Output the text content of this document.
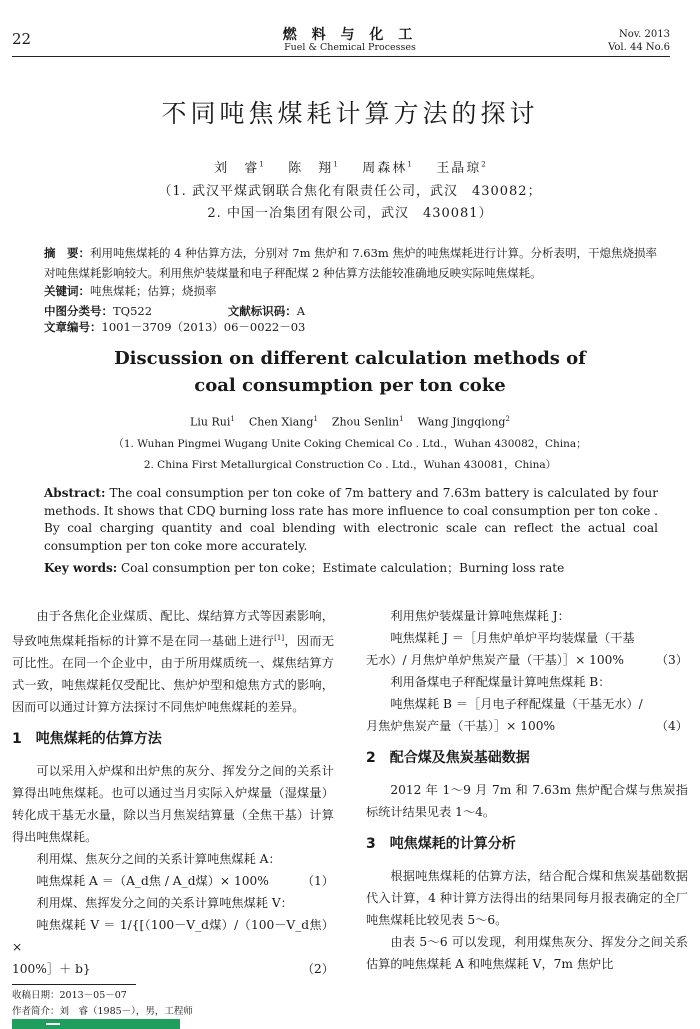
22	燃 料 与 化 工
Fuel & Chemical Processes
Nov. 2013
Vol. 44 No.6
不同吨焦煤耗计算方法的探讨
刘　睿$^1$ 陈　翔$^1$ 周森林$^1$ 王晶琼$^2$
（1. 武汉平煤武钢联合焦化有限责任公司，武汉　430082；
2. 中国一冶集团有限公司，武汉　430081）
摘　要：利用吨焦煤耗的 4 种估算方法，分别对 7m 焦炉和 7.63m 焦炉的吨焦煤耗进行计算。分析表明，干熄焦烧损率对吨焦煤耗影响较大。利用焦炉装煤量和电子秤配煤 2 种估算方法能较准确地反映实际吨焦煤耗。
关键词：吨焦煤耗；估算；烧损率
中图分类号：TQ522	文献标识码：A 文章编号：1001－3709（2013）06－0022－03
Discussion on different calculation methods of
coal consumption per ton coke
Liu Rui$^1$ Chen Xiang$^1$ Zhou Senlin$^1$ Wang Jingqiong$^2$
（1. Wuhan Pingmei Wugang Unite Coking Chemical Co . Ltd.，Wuhan 430082，China；
2. China First Metallurgical Construction Co . Ltd.，Wuhan 430081，China）
Abstract: The coal consumption per ton coke of 7m battery and 7.63m battery is calculated by four methods. It shows that CDQ burning loss rate has more influence to coal consumption per ton coke . By coal charging quantity and coal blending with electronic scale can reflect the actual coal consumption per ton coke more accurately.
Key words: Coal consumption per ton coke；Estimate calculation；Burning loss rate

由于各焦化企业煤质、配比、煤结算方式等因素影响，导致吨焦煤耗指标的计算不是在同一基础上进行[1]，因而无可比性。在同一个企业中，由于所用煤质统一、煤焦结算方式一致，吨焦煤耗仅受配比、焦炉炉型和熄焦方式的影响，因而可以通过计算方法探讨不同焦炉吨焦煤耗的差异。

1　吨焦煤耗的估算方法

可以采用入炉煤和出炉焦的灰分、挥发分之间的关系计算得出吨焦煤耗。也可以通过当月实际入炉煤量（湿煤量）转化成干基无水量，除以当月焦炭结算量（全焦干基）计算得出吨焦煤耗。

利用煤、焦灰分之间的关系计算吨焦煤耗 A：

吨焦煤耗 A ＝（A_d焦 / A_d煤）× 100%	（1）

利用煤、焦挥发分之间的关系计算吨焦煤耗 V：

吨焦煤耗 V ＝ 1/{[（100－V_d煤）/（100－V_d焦）×

100%］＋ b}	（2）

利用焦炉装煤量计算吨焦煤耗 J：

吨焦煤耗 J ＝［月焦炉单炉平均装煤量（干基

无水）/ 月焦炉单炉焦炭产量（干基）］× 100%	（3）

利用备煤电子秤配煤量计算吨焦煤耗 B：

吨焦煤耗 B ＝［月电子秤配煤量（干基无水）/

月焦炉焦炭产量（干基）］× 100%	（4）

2　配合煤及焦炭基础数据

2012 年 1～9 月 7m 和 7.63m 焦炉配合煤与焦炭指标统计结果见表 1～4。

3　吨焦煤耗的计算分析

根据吨焦煤耗的估算方法，结合配合煤和焦炭基础数据代入计算，4 种计算方法得出的结果同每月报表确定的全厂吨焦煤耗比较见表 5～6。

由表 5～6 可以发现，利用煤焦灰分、挥发分之间关系估算的吨焦煤耗 A 和吨焦煤耗 V，7m 焦炉比

收稿日期：2013－05－07
作者简介：刘　睿（1985－），男，工程师
